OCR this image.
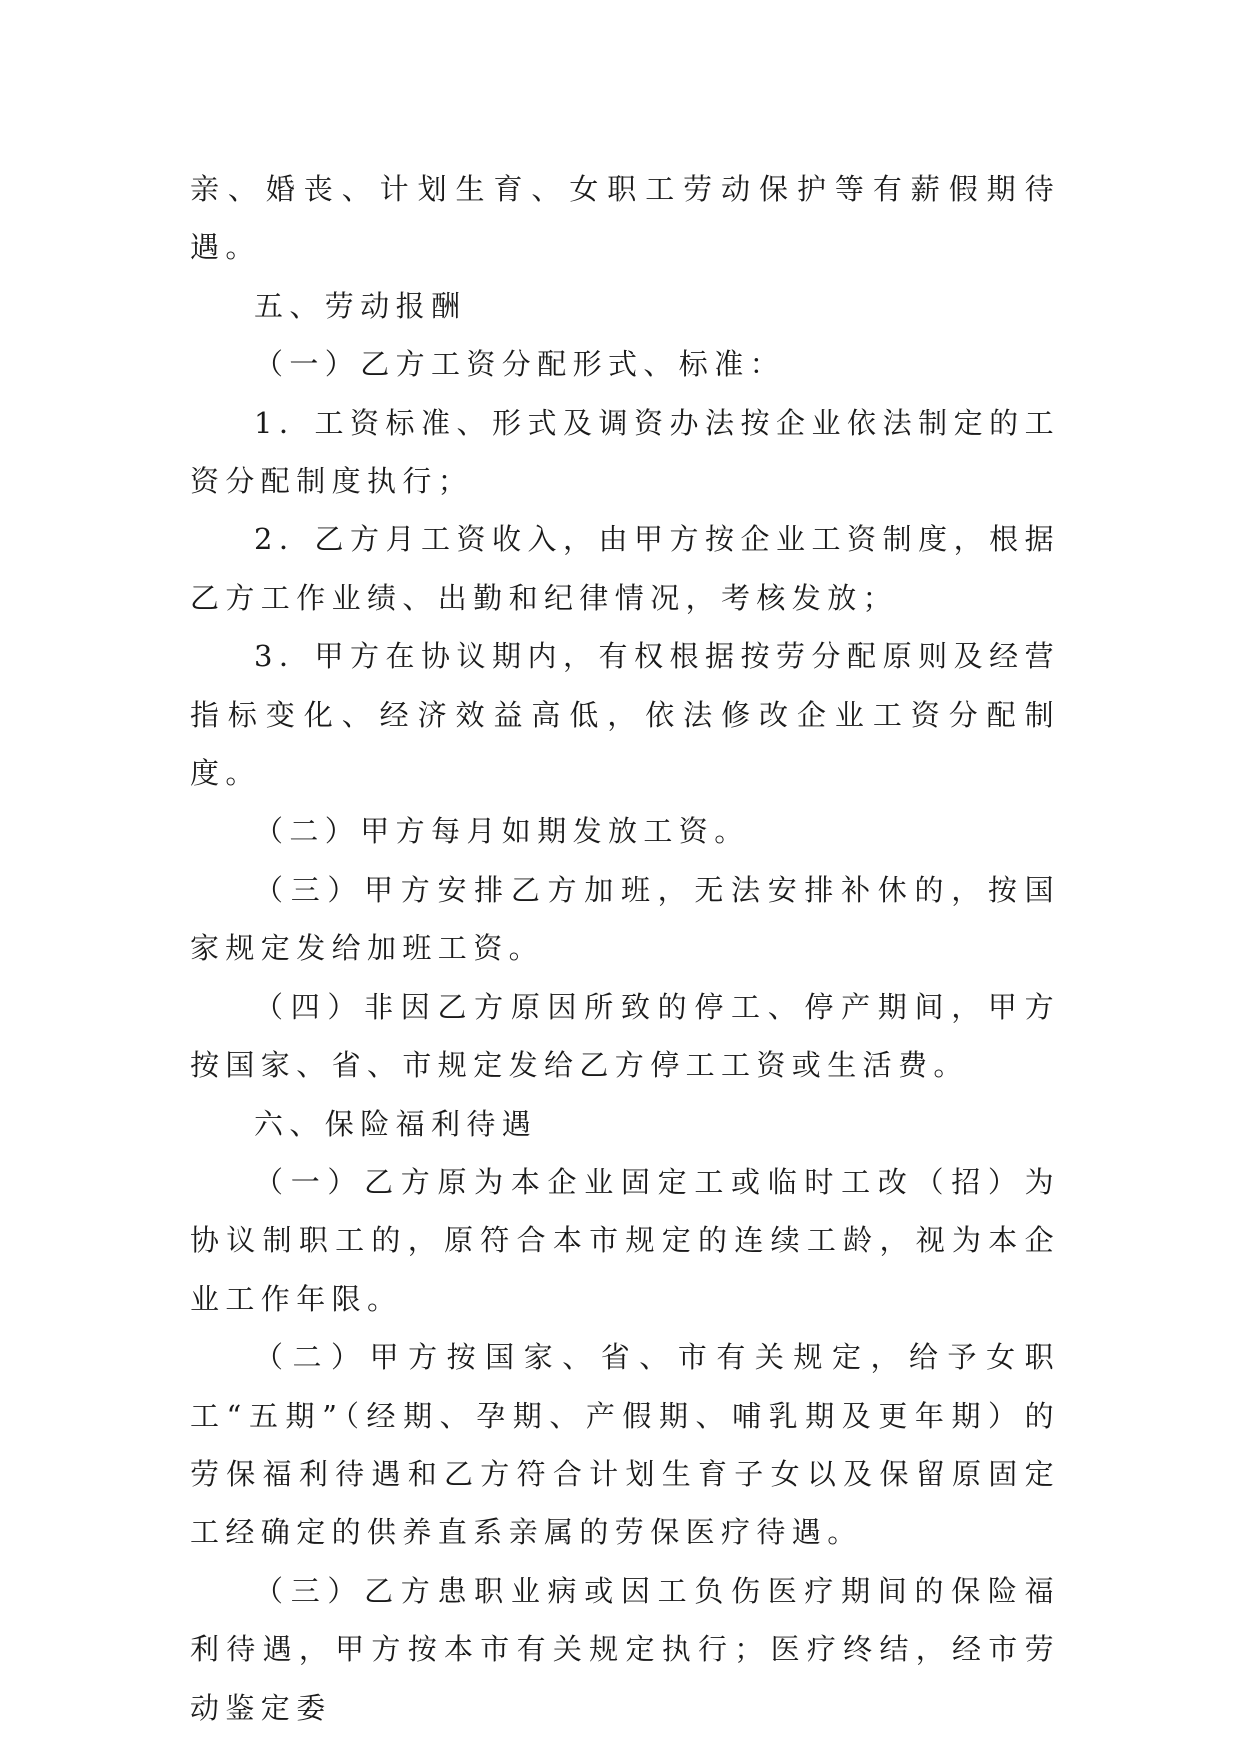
亲、婚丧、计划生育、女职工劳动保护等有薪假期待遇。

五、劳动报酬

（一）乙方工资分配形式、标准：

1．工资标准、形式及调资办法按企业依法制定的工资分配制度执行；

2．乙方月工资收入，由甲方按企业工资制度，根据乙方工作业绩、出勤和纪律情况，考核发放；

3．甲方在协议期内，有权根据按劳分配原则及经营指标变化、经济效益高低，依法修改企业工资分配制度。

（二）甲方每月如期发放工资。

（三）甲方安排乙方加班，无法安排补休的，按国家规定发给加班工资。

（四）非因乙方原因所致的停工、停产期间，甲方按国家、省、市规定发给乙方停工工资或生活费。

六、保险福利待遇

（一）乙方原为本企业固定工或临时工改（招）为协议制职工的，原符合本市规定的连续工龄，视为本企业工作年限。

（二）甲方按国家、省、市有关规定，给予女职工“五期”（经期、孕期、产假期、哺乳期及更年期）的劳保福利待遇和乙方符合计划生育子女以及保留原固定工经确定的供养直系亲属的劳保医疗待遇。

（三）乙方患职业病或因工负伤医疗期间的保险福利待遇，甲方按本市有关规定执行；医疗终结，经市劳动鉴定委
